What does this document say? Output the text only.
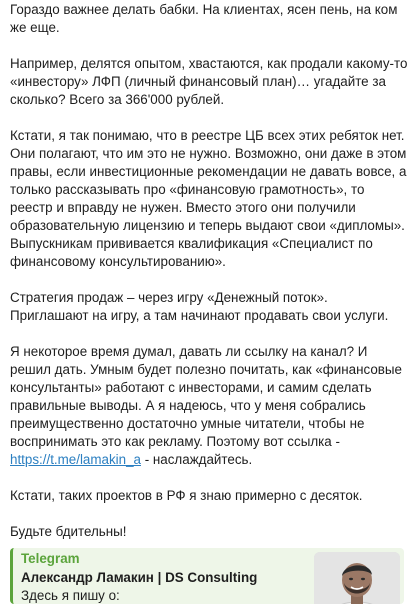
Гораздо важнее делать бабки. На клиентах, ясен пень, на ком же еще.

Например, делятся опытом, хвастаются, как продали какому-то «инвестору» ЛФП (личный финансовый план)… угадайте за сколько? Всего за 366'000 рублей.

Кстати, я так понимаю, что в реестре ЦБ всех этих ребяток нет. Они полагают, что им это не нужно. Возможно, они даже в этом правы, если инвестиционные рекомендации не давать вовсе, а только рассказывать про «финансовую грамотность», то реестр и вправду не нужен. Вместо этого они получили образовательную лицензию и теперь выдают свои «дипломы». Выпускникам прививается квалификация «Специалист по финансовому консультированию».

Стратегия продаж – через игру «Денежный поток». Приглашают на игру, а там начинают продавать свои услуги.

Я некоторое время думал, давать ли ссылку на канал? И решил дать. Умным будет полезно почитать, как «финансовые консультанты» работают с инвесторами, и самим сделать правильные выводы. А я надеюсь, что у меня собрались преимущественно достаточно умные читатели, чтобы не воспринимать это как рекламу. Поэтому вот ссылка - https://t.me/lamakin_a - наслаждайтесь.

Кстати, таких проектов в РФ я знаю примерно с десяток.

Будьте бдительны!

Telegram
Александр Ламакин | DS Consulting
Здесь я пишу о:
